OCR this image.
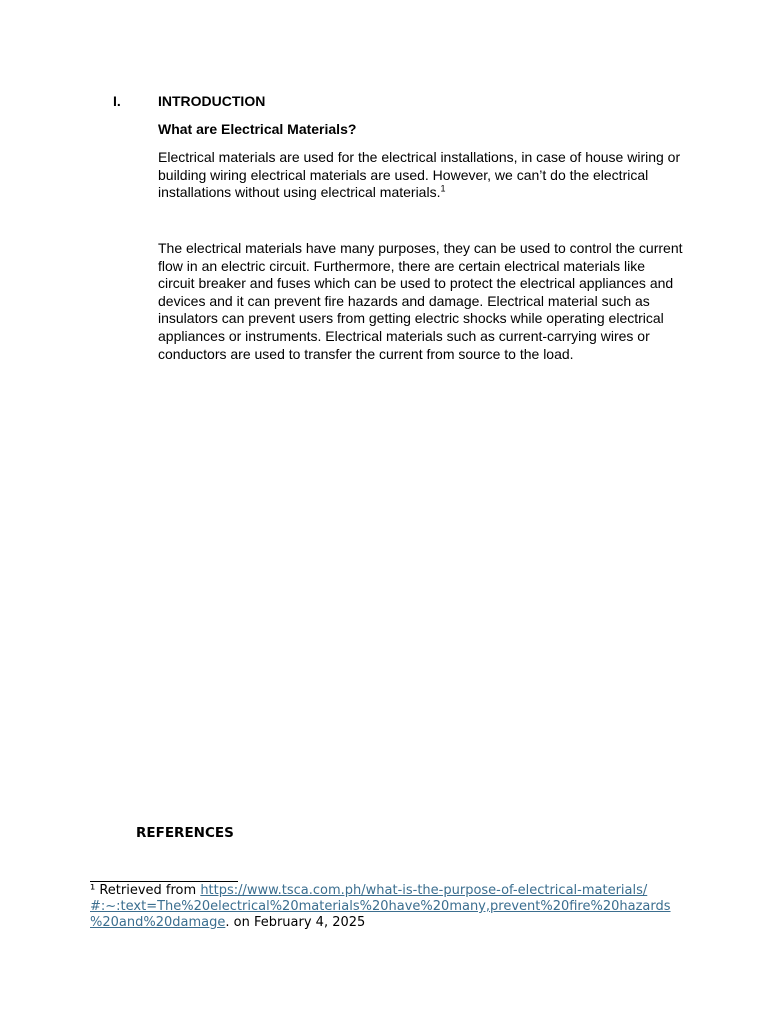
I.	INTRODUCTION
What are Electrical Materials?

Electrical materials are used for the electrical installations, in case of house wiring or
building wiring electrical materials are used. However, we can’t do the electrical
installations without using electrical materials.$^1$

The electrical materials have many purposes, they can be used to control the current
flow in an electric circuit. Furthermore, there are certain electrical materials like
circuit breaker and fuses which can be used to protect the electrical appliances and
devices and it can prevent fire hazards and damage. Electrical material such as
insulators can prevent users from getting electric shocks while operating electrical
appliances or instruments. Electrical materials such as current-carrying wires or
conductors are used to transfer the current from source to the load.

REFERENCES
¹ Retrieved from https://www.tsca.com.ph/what-is-the-purpose-of-electrical-materials/
#:~:text=The%20electrical%20materials%20have%20many,prevent%20fire%20hazards
%20and%20damage. on February 4, 2025
